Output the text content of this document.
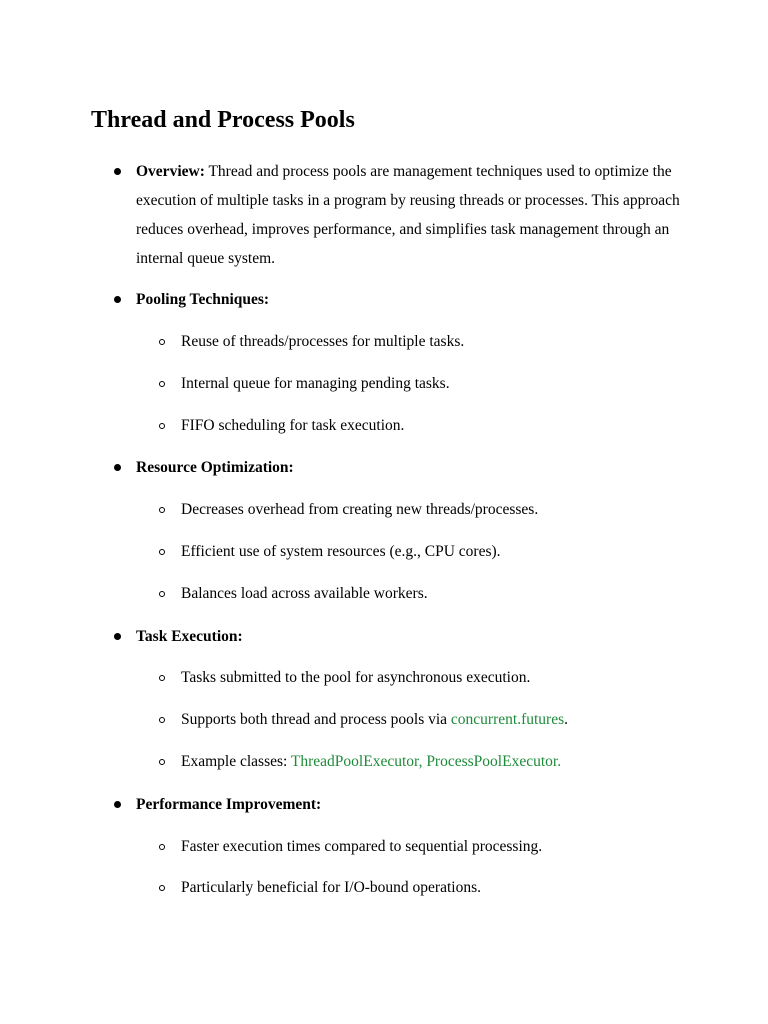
Thread and Process Pools
Overview: Thread and process pools are management techniques used to optimize the execution of multiple tasks in a program by reusing threads or processes. This approach reduces overhead, improves performance, and simplifies task management through an internal queue system.
Pooling Techniques:
Reuse of threads/processes for multiple tasks.
Internal queue for managing pending tasks.
FIFO scheduling for task execution.
Resource Optimization:
Decreases overhead from creating new threads/processes.
Efficient use of system resources (e.g., CPU cores).
Balances load across available workers.
Task Execution:
Tasks submitted to the pool for asynchronous execution.
Supports both thread and process pools via concurrent.futures.
Example classes: ThreadPoolExecutor, ProcessPoolExecutor.
Performance Improvement:
Faster execution times compared to sequential processing.
Particularly beneficial for I/O-bound operations.
